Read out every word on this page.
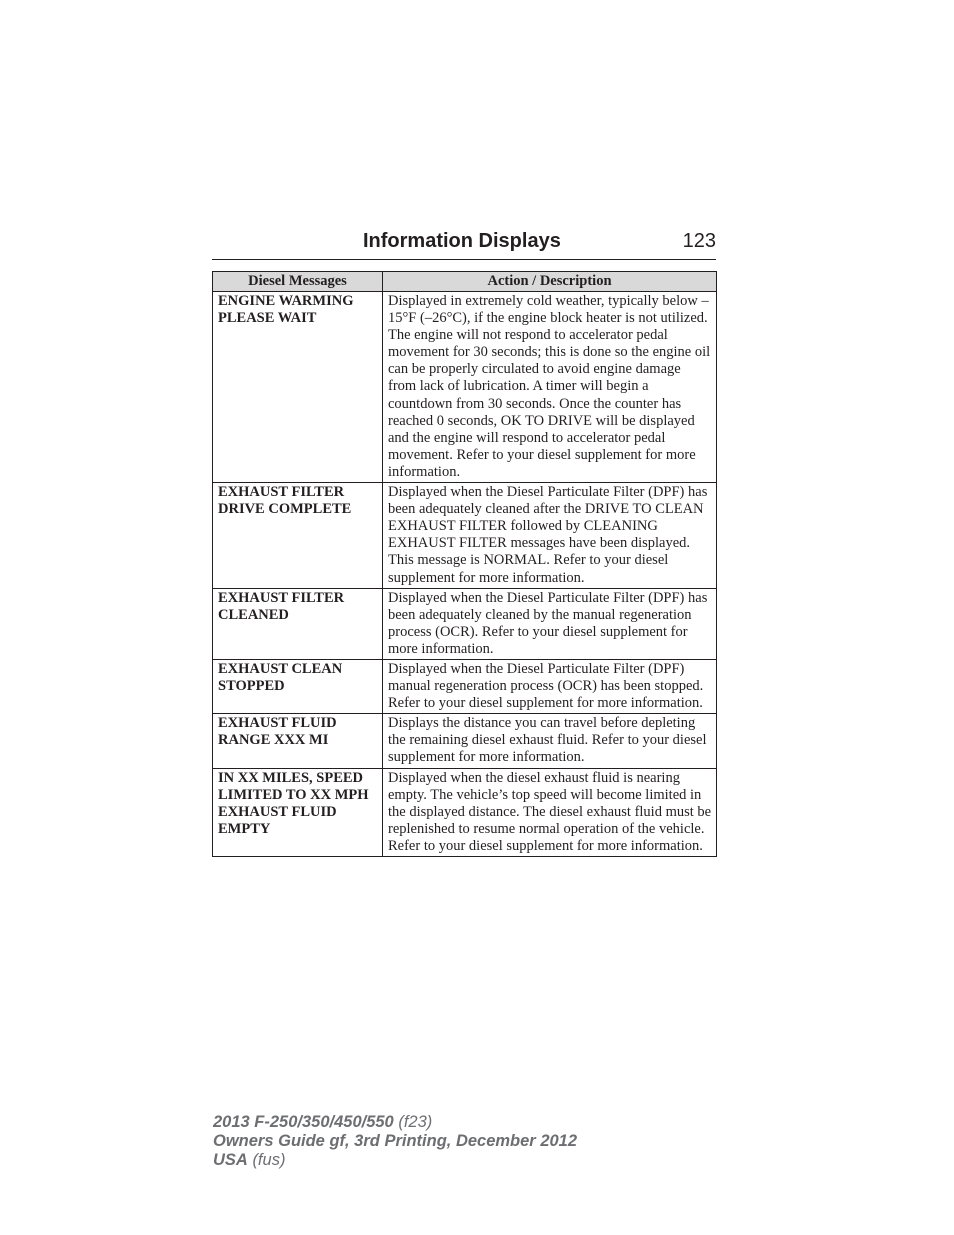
Information Displays	123
Diesel Messages	Action / Description
ENGINE WARMING PLEASE WAIT	Displayed in extremely cold weather, typically below –15°F (–26°C), if the engine block heater is not utilized. The engine will not respond to accelerator pedal movement for 30 seconds; this is done so the engine oil can be properly circulated to avoid engine damage from lack of lubrication. A timer will begin a countdown from 30 seconds. Once the counter has reached 0 seconds, OK TO DRIVE will be displayed and the engine will respond to accelerator pedal movement. Refer to your diesel supplement for more information.
EXHAUST FILTER DRIVE COMPLETE	Displayed when the Diesel Particulate Filter (DPF) has been adequately cleaned after the DRIVE TO CLEAN EXHAUST FILTER followed by CLEANING EXHAUST FILTER messages have been displayed. This message is NORMAL. Refer to your diesel supplement for more information.
EXHAUST FILTER CLEANED	Displayed when the Diesel Particulate Filter (DPF) has been adequately cleaned by the manual regeneration process (OCR). Refer to your diesel supplement for more information.
EXHAUST CLEAN STOPPED	Displayed when the Diesel Particulate Filter (DPF) manual regeneration process (OCR) has been stopped. Refer to your diesel supplement for more information.
EXHAUST FLUID RANGE XXX MI	Displays the distance you can travel before depleting the remaining diesel exhaust fluid. Refer to your diesel supplement for more information.
IN XX MILES, SPEED LIMITED TO XX MPH EXHAUST FLUID EMPTY	Displayed when the diesel exhaust fluid is nearing empty. The vehicle’s top speed will become limited in the displayed distance. The diesel exhaust fluid must be replenished to resume normal operation of the vehicle. Refer to your diesel supplement for more information.
2013 F-250/350/450/550 (f23)
Owners Guide gf, 3rd Printing, December 2012
USA (fus)
